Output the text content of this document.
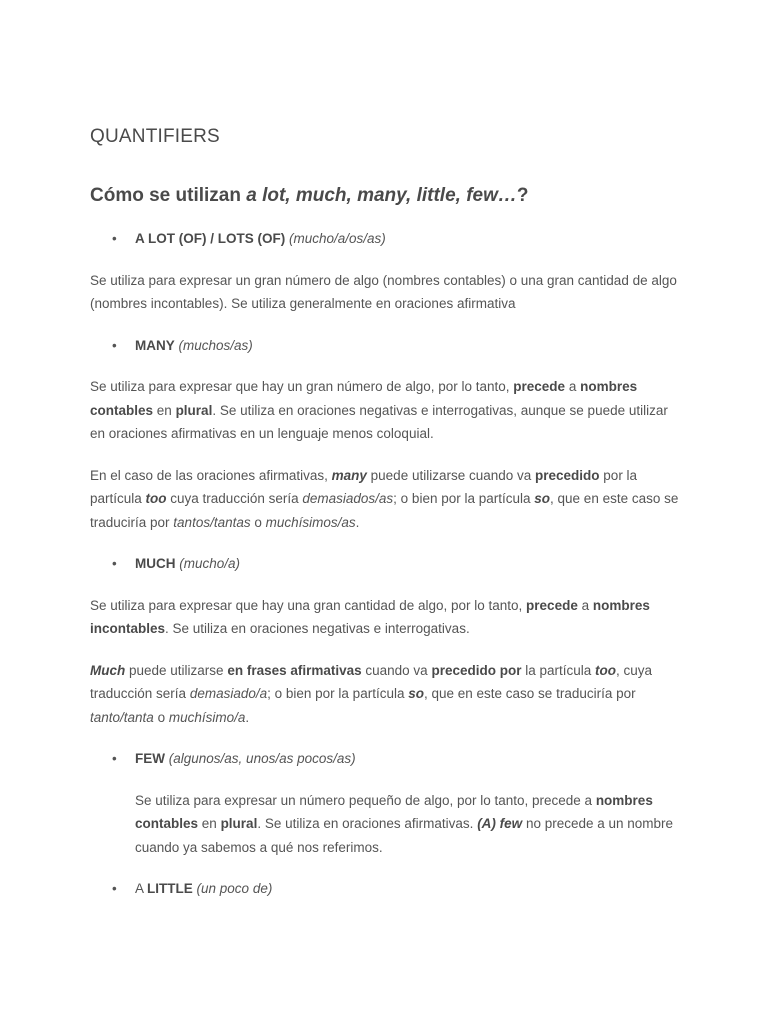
QUANTIFIERS
Cómo se utilizan a lot, much, many, little, few…?
• A LOT (OF) / LOTS (OF) (mucho/a/os/as)

Se utiliza para expresar un gran número de algo (nombres contables) o una gran cantidad de algo (nombres incontables). Se utiliza generalmente en oraciones afirmativa

• MANY (muchos/as)

Se utiliza para expresar que hay un gran número de algo, por lo tanto, precede a nombres contables en plural. Se utiliza en oraciones negativas e interrogativas, aunque se puede utilizar en oraciones afirmativas en un lenguaje menos coloquial.

En el caso de las oraciones afirmativas, many puede utilizarse cuando va precedido por la partícula too cuya traducción sería demasiados/as; o bien por la partícula so, que en este caso se traduciría por tantos/tantas o muchísimos/as.

• MUCH (mucho/a)

Se utiliza para expresar que hay una gran cantidad de algo, por lo tanto, precede a nombres incontables. Se utiliza en oraciones negativas e interrogativas.

Much puede utilizarse en frases afirmativas cuando va precedido por la partícula too, cuya traducción sería demasiado/a; o bien por la partícula so, que en este caso se traduciría por tanto/tanta o muchísimo/a.

• FEW (algunos/as, unos/as pocos/as)

Se utiliza para expresar un número pequeño de algo, por lo tanto, precede a nombres contables en plural. Se utiliza en oraciones afirmativas. (A) few no precede a un nombre cuando ya sabemos a qué nos referimos.

• A LITTLE (un poco de)
